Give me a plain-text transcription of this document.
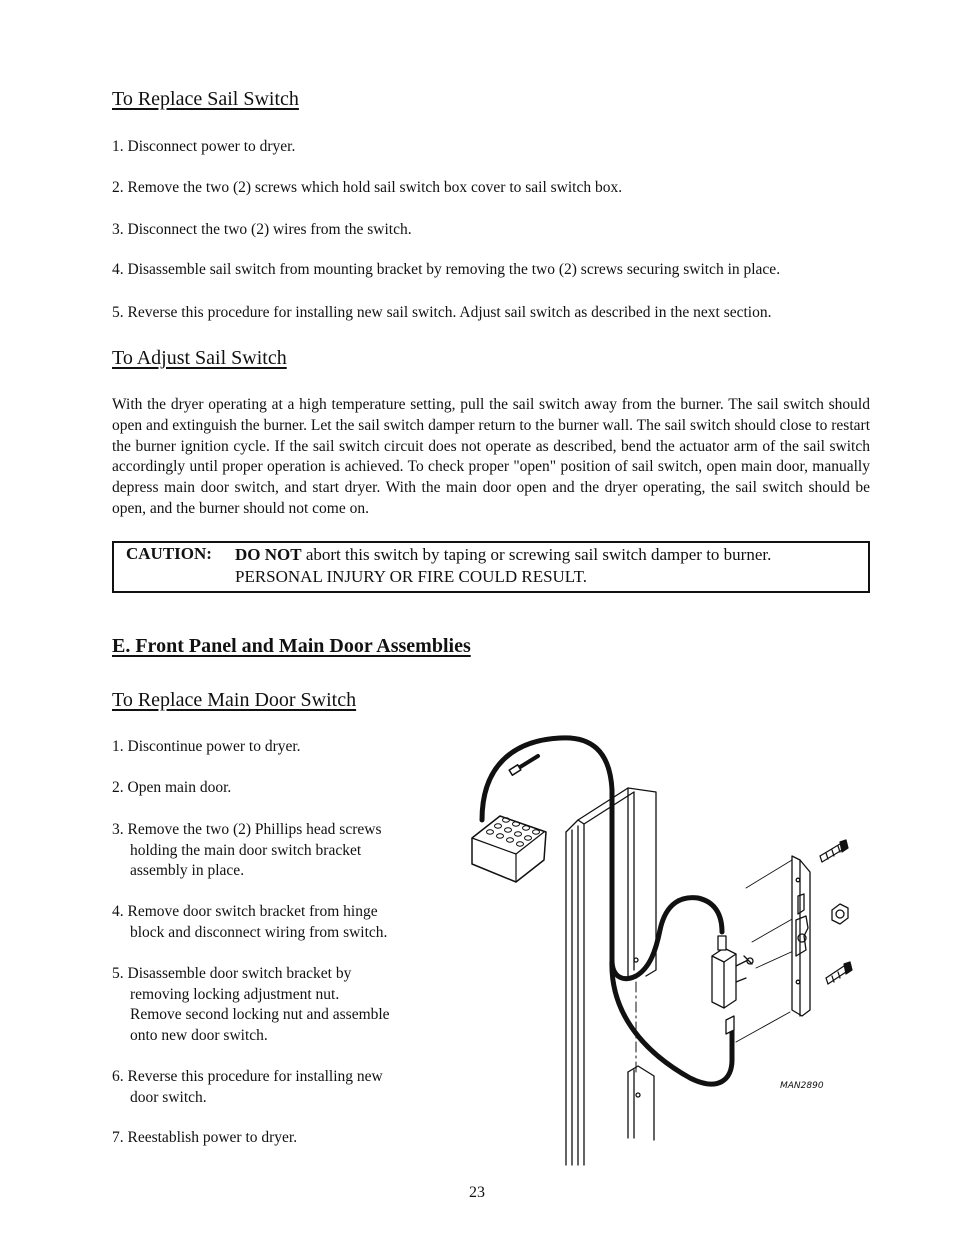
To Replace Sail Switch
1. Disconnect power to dryer.
2. Remove the two (2) screws which hold sail switch box cover to sail switch box.
3. Disconnect the two (2) wires from the switch.
4. Disassemble sail switch from mounting bracket by removing the two (2) screws securing switch in place.
5. Reverse this procedure for installing new sail switch. Adjust sail switch as described in the next section.
To Adjust Sail Switch
With the dryer operating at a high temperature setting, pull the sail switch away from the burner. The sail switch should open and extinguish the burner. Let the sail switch damper return to the burner wall. The sail switch should close to restart the burner ignition cycle. If the sail switch circuit does not operate as described, bend the actuator arm of the sail switch accordingly until proper operation is achieved. To check proper "open" position of sail switch, open main door, manually depress main door switch, and start dryer. With the main door open and the dryer operating, the sail switch should be open, and the burner should not come on.
CAUTION: DO NOT abort this switch by taping or screwing sail switch damper to burner.
PERSONAL INJURY OR FIRE COULD RESULT.
E. Front Panel and Main Door Assemblies
To Replace Main Door Switch
1. Discontinue power to dryer.
2. Open main door.
3. Remove the two (2) Phillips head screws
holding the main door switch bracket
assembly in place.
4. Remove door switch bracket from hinge
block and disconnect wiring from switch.
5. Disassemble door switch bracket by
removing locking adjustment nut.
Remove second locking nut and assemble
onto new door switch.
6. Reverse this procedure for installing new
door switch.
7. Reestablish power to dryer.
MAN2890
23
